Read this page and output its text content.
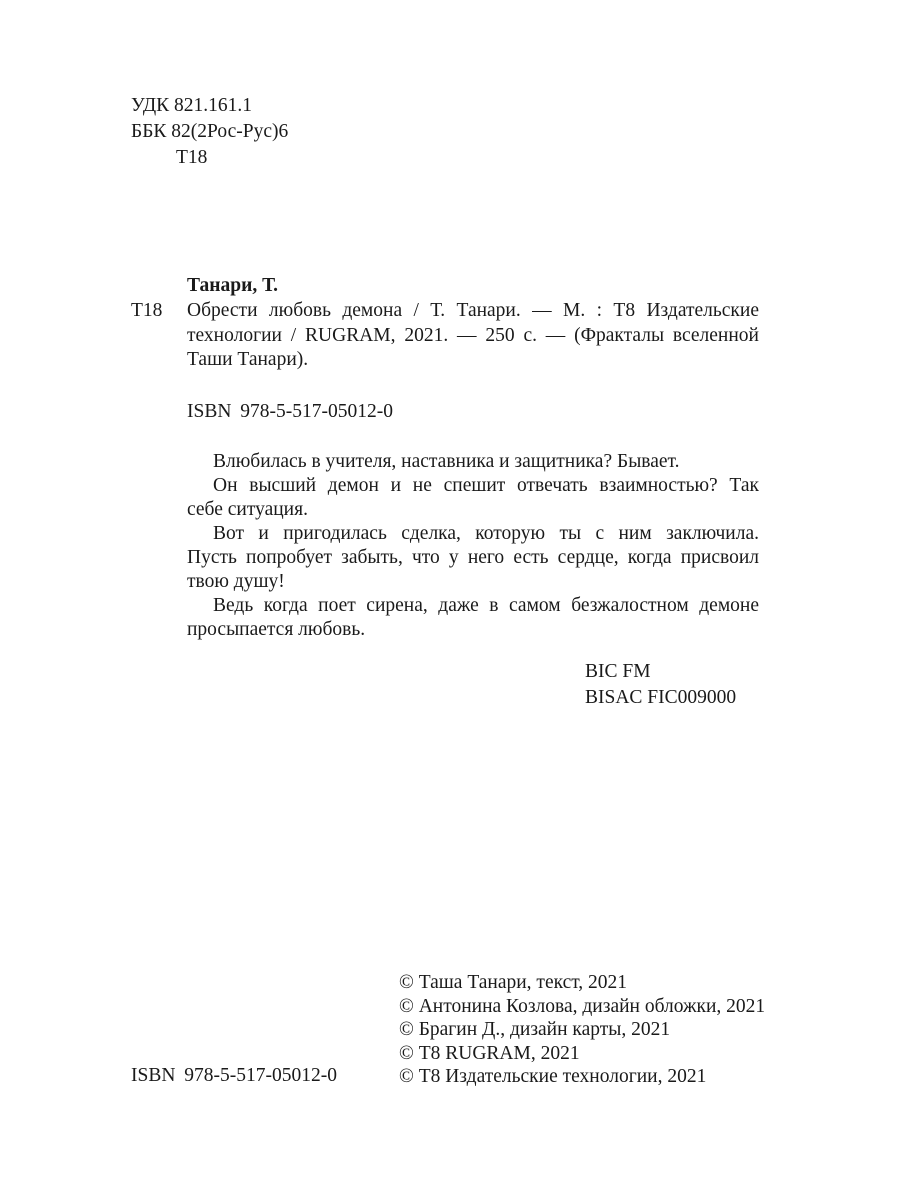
УДК 821.161.1
ББК 82(2Рос-Рус)6
Т18
Танари, Т.
Т18 Обрести любовь демона / Т. Танари. — М. : Т8 Издательские
технологии / RUGRAM, 2021. — 250 с. — (Фракталы вселенной
Таши Танари).
ISBN 978-5-517-05012-0
Влюбилась в учителя, наставника и защитника? Бывает.
Он высший демон и не спешит отвечать взаимностью? Так
себе ситуация.
Вот и пригодилась сделка, которую ты с ним заключила.
Пусть попробует забыть, что у него есть сердце, когда присвоил
твою душу!
Ведь когда поет сирена, даже в самом безжалостном демоне
просыпается любовь.
BIC FM
BISAC FIC009000
© Таша Танари, текст, 2021
© Антонина Козлова, дизайн обложки, 2021
© Брагин Д., дизайн карты, 2021
© Т8 RUGRAM, 2021
© Т8 Издательские технологии, 2021
ISBN 978-5-517-05012-0
